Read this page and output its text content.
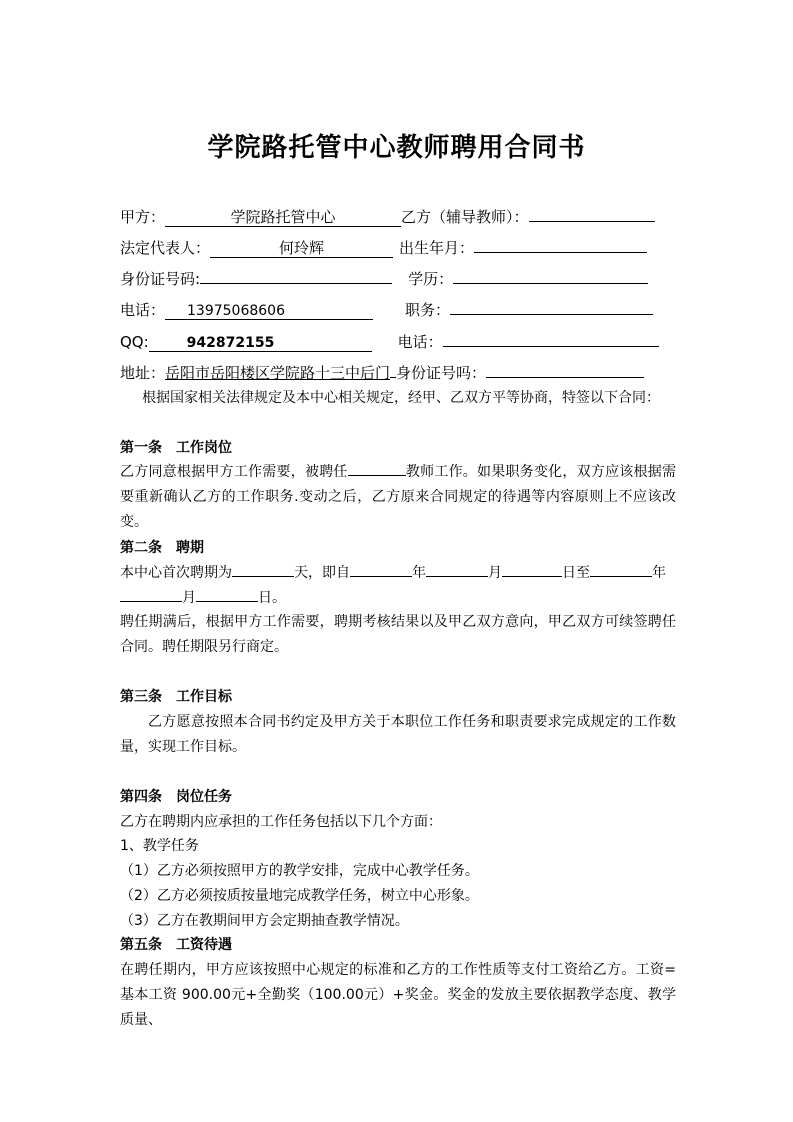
学院路托管中心教师聘用合同书
甲方：	学院路托管中心	乙方（辅导教师）：
法定代表人：	何玲辉	出生年月：
身份证号码:	学历：
电话： 13975068606	职务：
QQ:	942872155	电话：
地址：岳阳市岳阳楼区学院路十三中后门 身份证号吗：
根据国家相关法律规定及本中心相关规定，经甲、乙双方平等协商，特签以下合同：
第一条　工作岗位
乙方同意根据甲方工作需要，被聘任	教师工作。如果职务变化，双方应该根据需要重新确认乙方的工作职务.变动之后，乙方原来合同规定的待遇等内容原则上不应该改变。
第二条　聘期
本中心首次聘期为	天，即自	年	月	日至	年
月	日。
聘任期满后，根据甲方工作需要，聘期考核结果以及甲乙双方意向，甲乙双方可续签聘任合同。聘任期限另行商定。
第三条　工作目标
乙方愿意按照本合同书约定及甲方关于本职位工作任务和职责要求完成规定的工作数量，实现工作目标。
第四条　岗位任务
乙方在聘期内应承担的工作任务包括以下几个方面：
1、教学任务
（1）乙方必须按照甲方的教学安排，完成中心教学任务。
（2）乙方必须按质按量地完成教学任务，树立中心形象。
（3）乙方在教期间甲方会定期抽查教学情况。
第五条　工资待遇
在聘任期内，甲方应该按照中心规定的标准和乙方的工作性质等支付工资给乙方。工资=基本工资 900.00元+全勤奖（100.00元）+奖金。奖金的发放主要依据教学态度、教学质量、
